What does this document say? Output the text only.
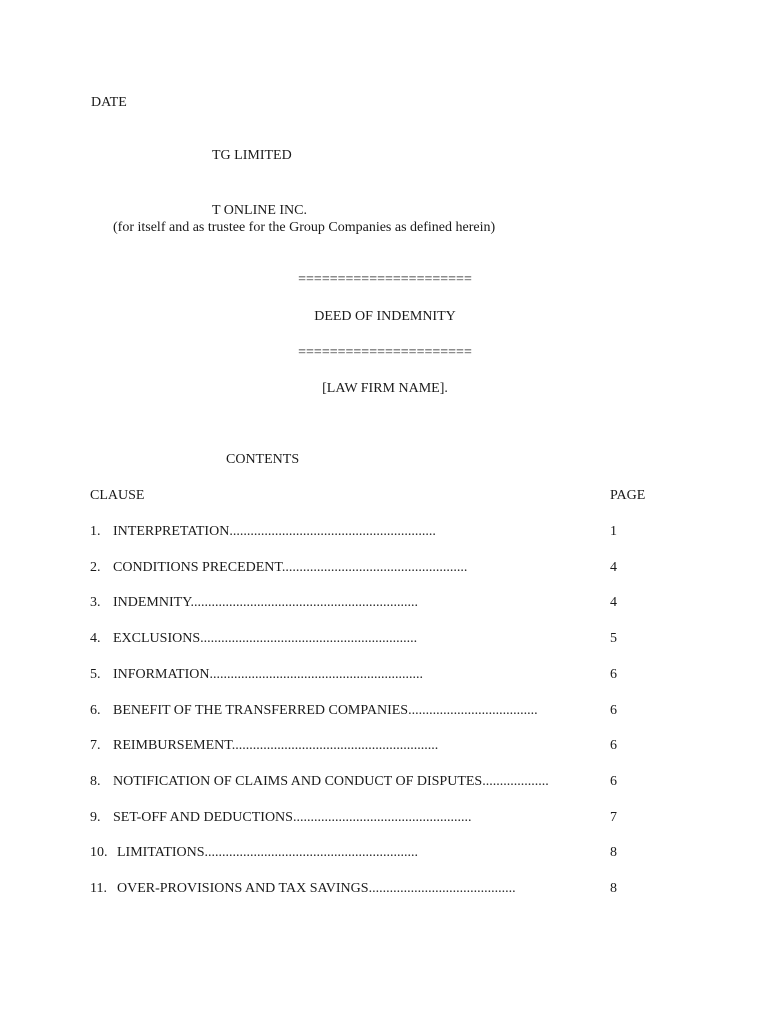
DATE
TG LIMITED
T ONLINE INC.
(for itself and as trustee for the Group Companies as defined herein)
======================
DEED OF INDEMNITY
======================
[LAW FIRM NAME].
CONTENTS
CLAUSE	PAGE
1. INTERPRETATION...........................................................	1
2. CONDITIONS PRECEDENT.....................................................	4
3. INDEMNITY.................................................................	4
4. EXCLUSIONS..............................................................	5
5. INFORMATION.............................................................	6
6. BENEFIT OF THE TRANSFERRED COMPANIES.....................................	6
7. REIMBURSEMENT...........................................................	6
8. NOTIFICATION OF CLAIMS AND CONDUCT OF DISPUTES...................	6
9. SET-OFF AND DEDUCTIONS...................................................	7
10. LIMITATIONS.............................................................	8
11. OVER-PROVISIONS AND TAX SAVINGS..........................................	8
